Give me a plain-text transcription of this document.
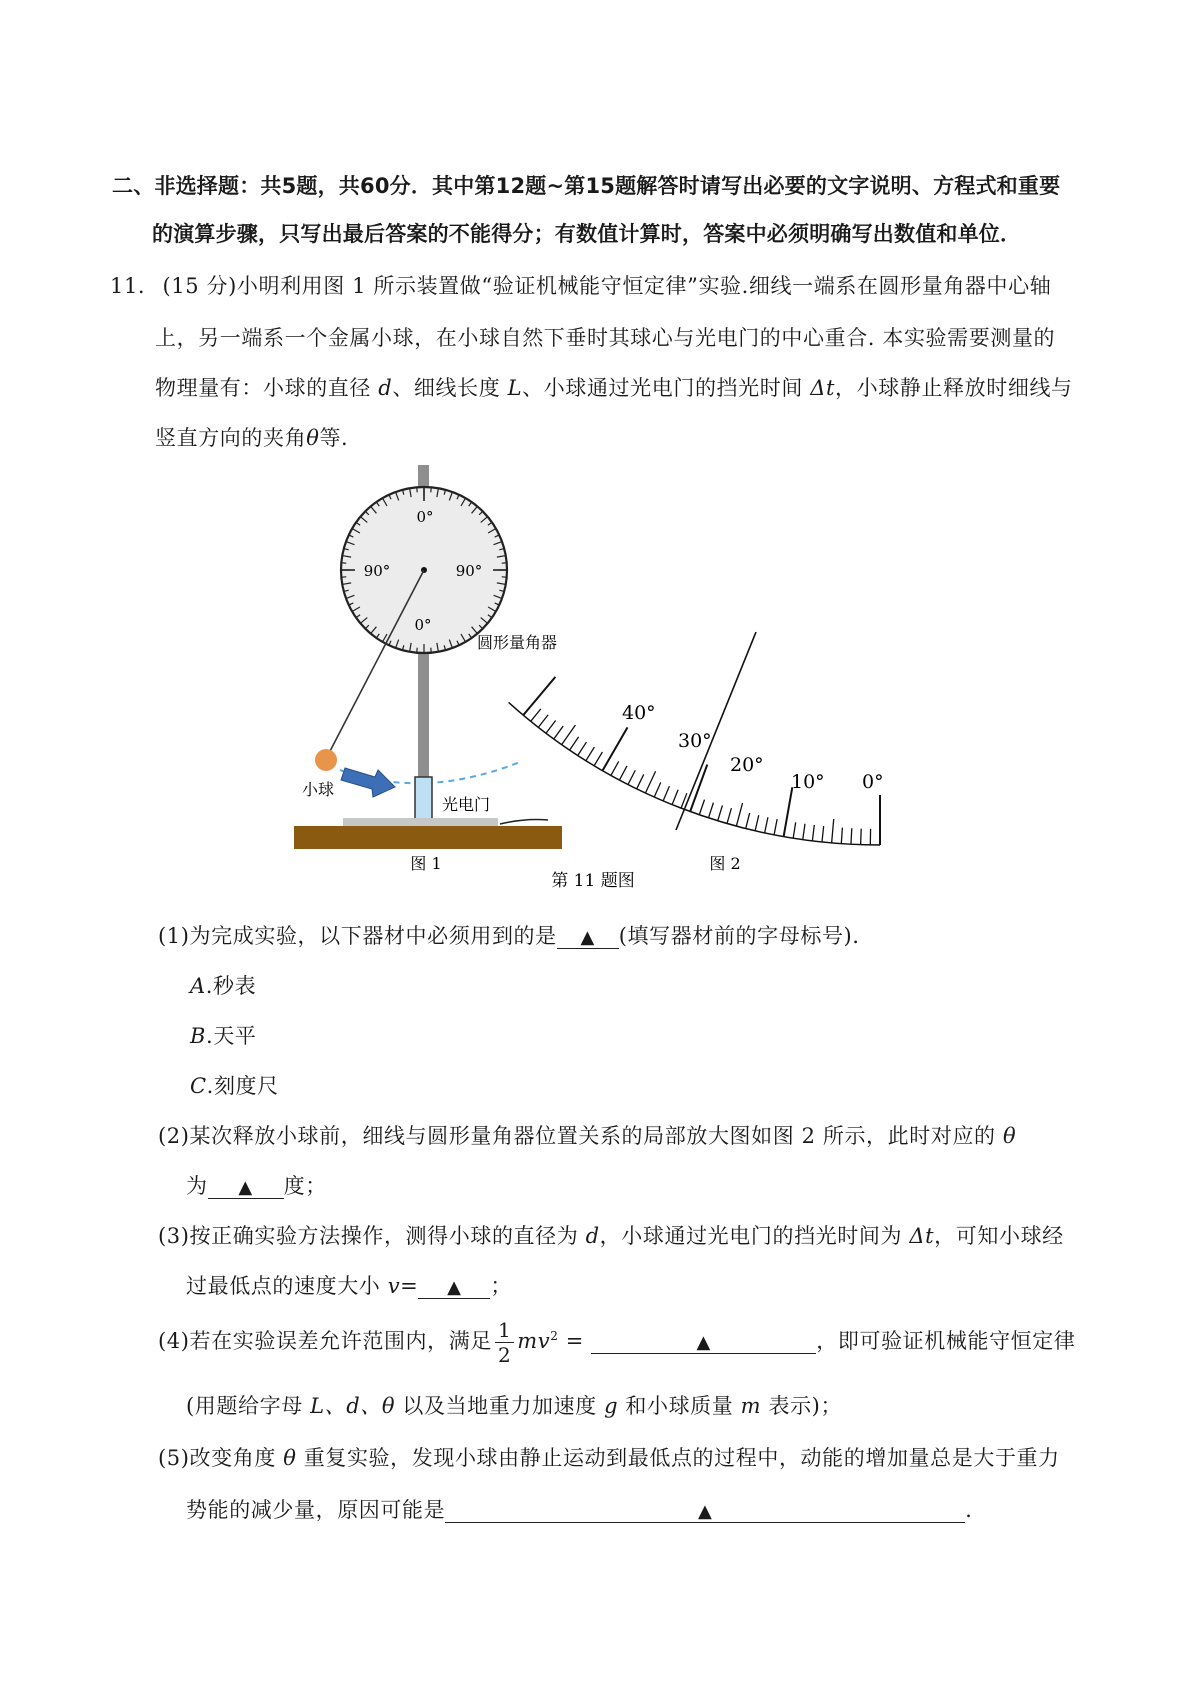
二、非选择题：共5题，共60分．其中第12题~第15题解答时请写出必要的文字说明、方程式和重要
的演算步骤，只写出最后答案的不能得分；有数值计算时，答案中必须明确写出数值和单位．
11. (15 分)小明利用图 1 所示装置做“验证机械能守恒定律”实验.细线一端系在圆形量角器中心轴
上，另一端系一个金属小球，在小球自然下垂时其球心与光电门的中心重合. 本实验需要测量的
物理量有：小球的直径 d、细线长度 L、小球通过光电门的挡光时间 Δt，小球静止释放时细线与
竖直方向的夹角θ等.
0°
90°	90°
0°
圆形量角器
小球
光电门
图 1
40°
30°
20°
10° 0°
图 2
第 11 题图
(1)为完成实验，以下器材中必须用到的是 ▲ (填写器材前的字母标号)．
A.秒表
B.天平
C.刻度尺
(2)某次释放小球前，细线与圆形量角器位置关系的局部放大图如图 2 所示，此时对应的 θ
为 ▲ 度；
(3)按正确实验方法操作，测得小球的直径为 d，小球通过光电门的挡光时间为 Δt，可知小球经
过最低点的速度大小 v= ▲ ；
(4)若在实验误差允许范围内，满足 $\frac{1}{2} mv^2$ =	▲	，即可验证机械能守恒定律
(用题给字母 L、d、θ 以及当地重力加速度 g 和小球质量 m 表示)；
(5)改变角度 θ 重复实验，发现小球由静止运动到最低点的过程中，动能的增加量总是大于重力
势能的减少量，原因可能是	▲	．
